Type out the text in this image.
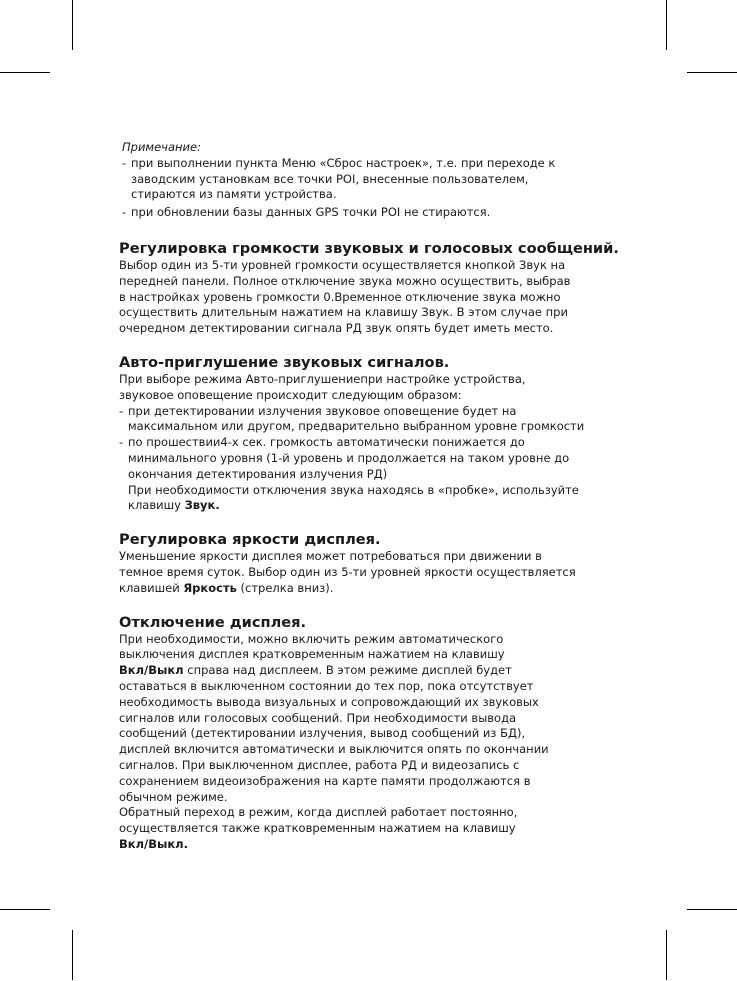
Примечание:
- при выполнении пункта Меню «Сброс настроек», т.е. при переходе к
заводским установкам все точки POI, внесенные пользователем,
стираются из памяти устройства.
- при обновлении базы данных GPS точки POI не стираются.
Регулировка громкости звуковых и голосовых сообщений.
Выбор один из 5-ти уровней громкости осуществляется кнопкой Звук на
передней панели. Полное отключение звука можно осуществить, выбрав
в настройках уровень громкости 0.Временное отключение звука можно
осуществить длительным нажатием на клавишу Звук. В этом случае при
очередном детектировании сигнала РД звук опять будет иметь место.
Авто-приглушение звуковых сигналов.
При выборе режима Авто-приглушениепри настройке устройства,
звуковое оповещение происходит следующим образом:
- при детектировании излучения звуковое оповещение будет на
максимальном или другом, предварительно выбранном уровне громкости
- по прошествии4-х сек. громкость автоматически понижается до
минимального уровня (1-й уровень и продолжается на таком уровне до
окончания детектирования излучения РД)
При необходимости отключения звука находясь в «пробке», используйте
клавишу Звук.
Регулировка яркости дисплея.
Уменьшение яркости дисплея может потребоваться при движении в
темное время суток. Выбор один из 5-ти уровней яркости осуществляется
клавишей Яркость (стрелка вниз).
Отключение дисплея.
При необходимости, можно включить режим автоматического
выключения дисплея кратковременным нажатием на клавишу
Вкл/Выкл справа над дисплеем. В этом режиме дисплей будет
оставаться в выключенном состоянии до тех пор, пока отсутствует
необходимость вывода визуальных и сопровождающий их звуковых
сигналов или голосовых сообщений. При необходимости вывода
сообщений (детектировании излучения, вывод сообщений из БД),
дисплей включится автоматически и выключится опять по окончании
сигналов. При выключенном дисплее, работа РД и видеозапись с
сохранением видеоизображения на карте памяти продолжаются в
обычном режиме.
Обратный переход в режим, когда дисплей работает постоянно,
осуществляется также кратковременным нажатием на клавишу
Вкл/Выкл.
